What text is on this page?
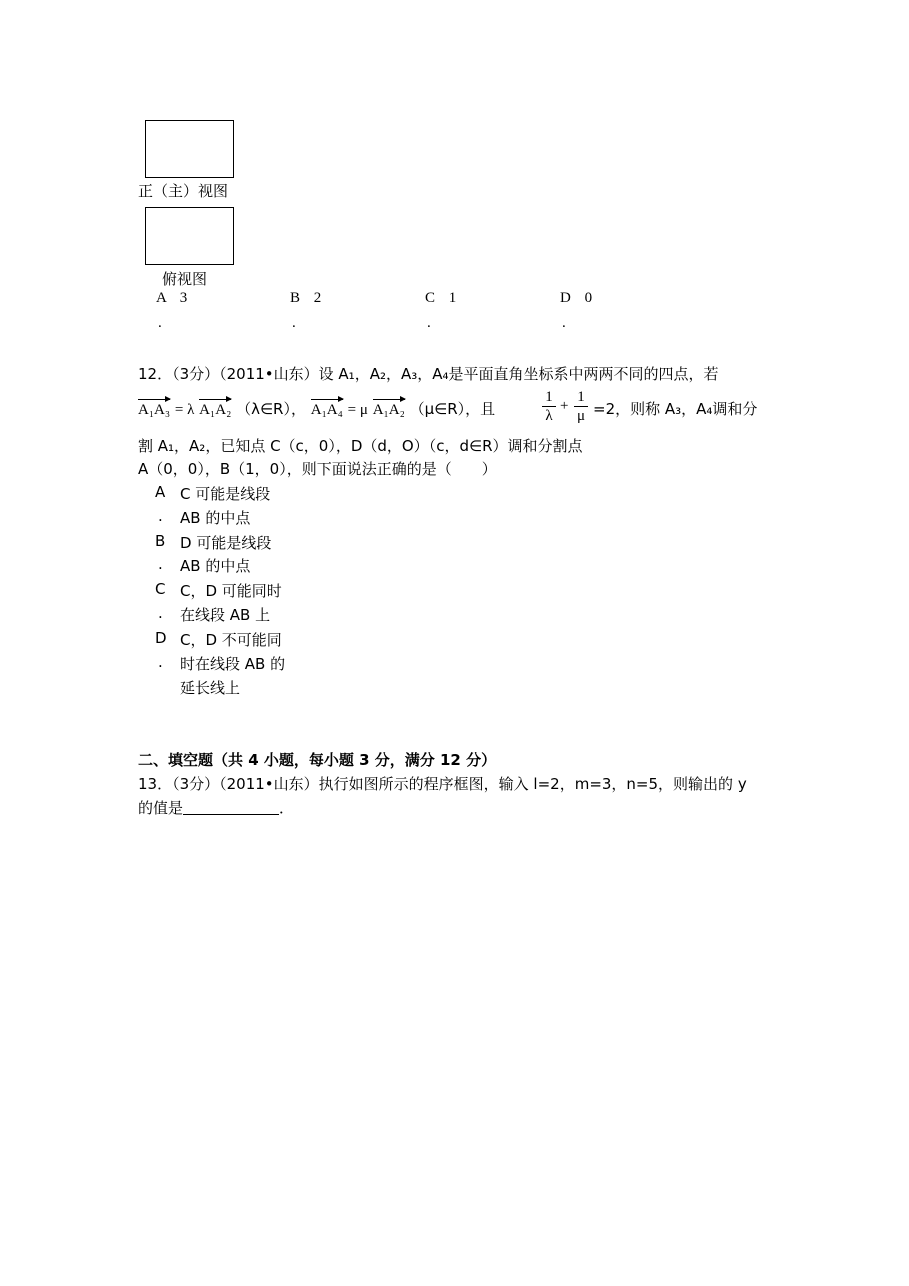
正（主）视图
俯视图
A 3
.
B 2
.
C 1
.
D 0
.
12．（3分）（2011•山东）设 A₁，A₂，A₃，A₄是平面直角坐标系中两两不同的四点，若
A₁A₃ = λ A₁A₂ （λ∈R）， A₁A₄ = μ A₁A₂ （μ∈R），且
1
λ
+
1
μ =2，则称 A₃，A₄调和分
割 A₁，A₂，已知点 C（c，0），D（d，O）（c，d∈R）调和分割点
A（0，0），B（1，0），则下面说法正确的是（　　）
A C 可能是线段
. AB 的中点
B D 可能是线段
. AB 的中点
C C，D 可能同时
. 在线段 AB 上
D C，D 不可能同
. 时在线段 AB 的
延长线上
二、填空题（共 4 小题，每小题 3 分，满分 12 分）
13．（3分）（2011•山东）执行如图所示的程序框图，输入 l=2，m=3，n=5，则输出的 y
的值是	．
